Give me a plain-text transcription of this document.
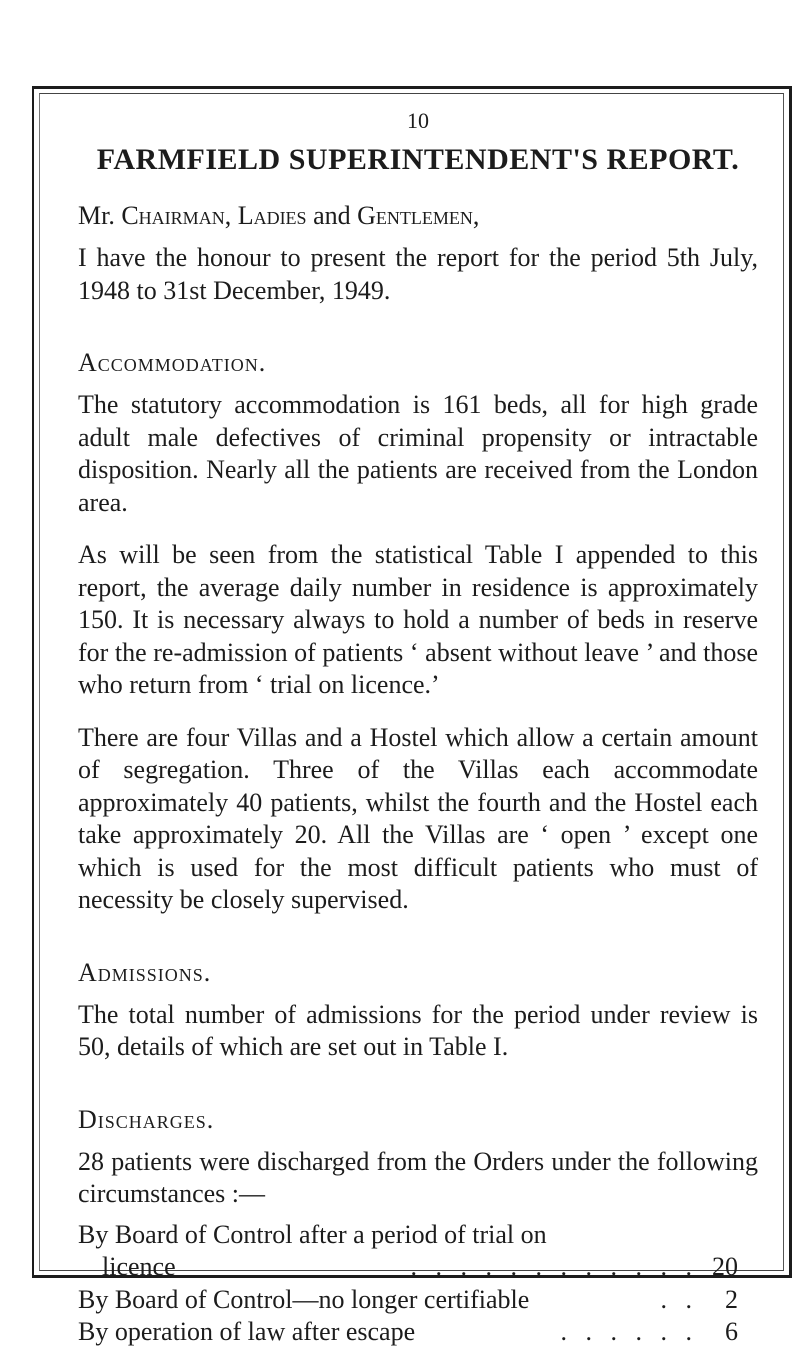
10
FARMFIELD SUPERINTENDENT'S REPORT.
Mr. Chairman, Ladies and Gentlemen,

I have the honour to present the report for the period 5th July, 1948 to 31st December, 1949.

Accommodation.

The statutory accommodation is 161 beds, all for high grade adult male defectives of criminal propensity or intractable disposition. Nearly all the patients are received from the London area.

As will be seen from the statistical Table I appended to this report, the average daily number in residence is approximately 150. It is necessary always to hold a number of beds in reserve for the re-admission of patients ‘ absent without leave ’ and those who return from ‘ trial on licence.’

There are four Villas and a Hostel which allow a certain amount of segregation. Three of the Villas each accommodate approximately 40 patients, whilst the fourth and the Hostel each take approximately 20. All the Villas are ‘ open ’ except one which is used for the most difficult patients who must of necessity be closely supervised.

Admissions.

The total number of admissions for the period under review is 50, details of which are set out in Table I.

Discharges.

28 patients were discharged from the Orders under the following circumstances :—

By Board of Control after a period of trial on
licence	. . . . . . . . . . . . 20
By Board of Control—no longer certifiable	. .	2
By operation of law after escape	. . . . . .	6
